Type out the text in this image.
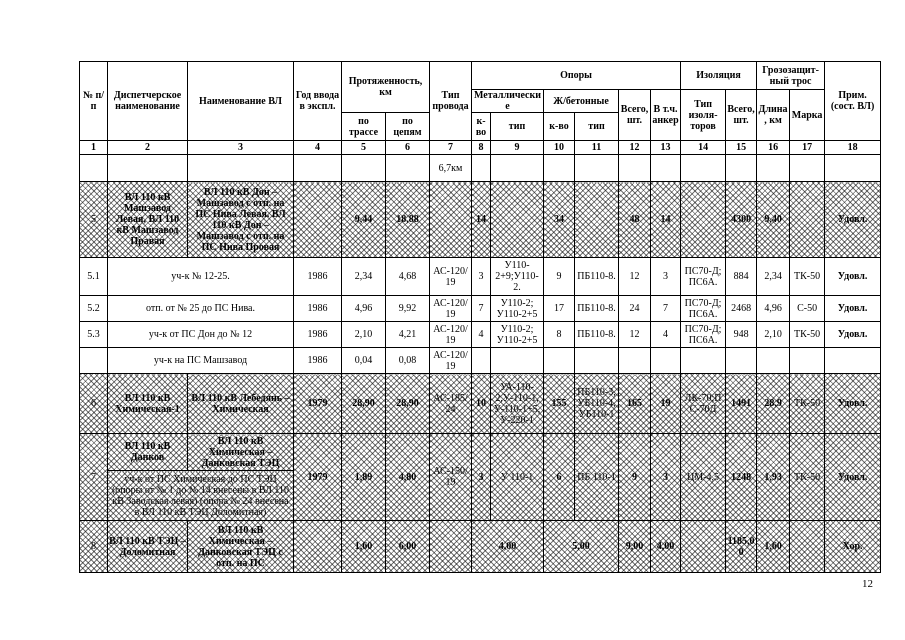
№ п/п	Диспетчерское наименование	Наименование ВЛ	Год ввода в экспл.	Протяженность, км		Тип провода	Опоры						Изоляция		Грозозащит-ный трос		Прим. (сост. ВЛ)
							Металлические		Ж/бетонные		Всего, шт.	В т.ч. анкер	Тип изоля-торов	Всего, шт.	Длина, км	Марка	
				по трассе	по цепям		к-во	тип	к-во	тип							
1	2	3	4	5	6	7	8	9	10	11	12	13	14	15	16	17	18
						6,7км											
5	ВЛ 110 кВ Машзавод Левая, ВЛ 110 кВ Машзавод Правая	ВЛ 110 кВ Дон – Машзавод с отп. на ПС Нива Левая. ВЛ 110 кВ Дон – Машзавод с отп. на ПС Нива Провая		9,44	18,88		14		34		48	14		4300	9,40		Удовл.
5.1	уч-к № 12-25.		1986	2,34	4,68	АС-120/19	3	У110-2+9;У110-2.	9	ПБ110-8.	12	3	ПС70-Д; ПС6А.	884	2,34	ТК-50	Удовл.
5.2	отп. от № 25 до ПС Нива.		1986	4,96	9,92	АС-120/19	7	У110-2; У110-2+5	17	ПБ110-8.	24	7	ПС70-Д; ПС6А.	2468	4,96	С-50	Удовл.
5.3	уч-к от ПС Дон до № 12		1986	2,10	4,21	АС-120/19	4	У110-2; У110-2+5	8	ПБ110-8.	12	4	ПС70-Д; ПС6А.	948	2,10	ТК-50	Удовл.
	уч-к на ПС Машзавод		1986	0,04	0,08	АС-120/19											
6	ВЛ 110 кВ Химическая-1	ВЛ 110 кВ Лебедянь – Химическая	1979	28,90	28,90	АС-185/24	10	УА-110-2,У-110-1, У-110-1+5, У-220-1	155	ПБ110-3, УБ110-4, УБ110-1	165	19	ЛК-70;ПС-70Д	1491	28,9	ТК-50	Удовл.
7	ВЛ 110 кВ Данков	ВЛ 110 кВ Химическая – Данковская ТЭЦ	1979	1,89	4,80	АС-150/19	3	У 110-1	6	ПБ 110-1	9	3	ЦМ-4,5	1248	1,93	ТК-50	Удовл.
	уч-к от ПС Химическая до ПС ТЭЦ (опоры от № 1 до № 14 внесены в ВЛ 110 кВ Заводская левая) (опора № 24 внесена в ВЛ 110 кВ ТЭЦ Доломитная)																
8	ВЛ 110 кВ ТЭЦ – Доломитная	ВЛ 110 кВ Химическая – Данковская ТЭЦ с отп. на ПС		1,60	6,00		4,00		5,00		9,00	4,00		1185,0 0	1,60		Хор.
12
